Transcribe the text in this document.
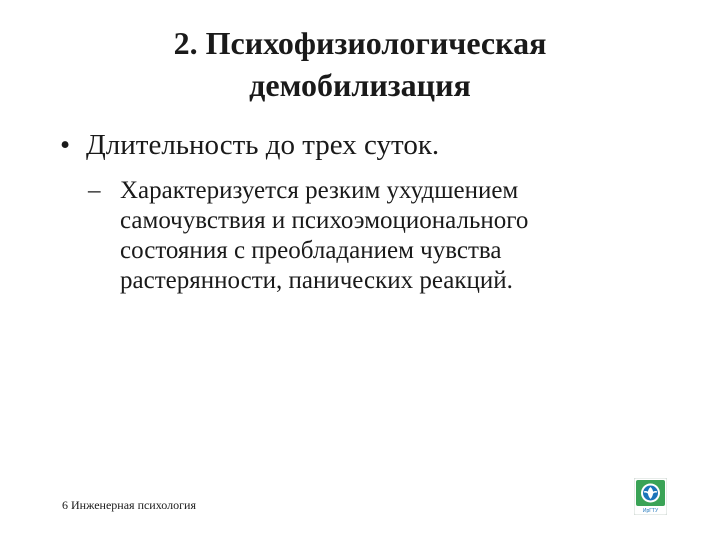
2. Психофизиологическая
демобилизация
• Длительность до трех суток.
– Характеризуется резким ухудшением
самочувствия и психоэмоционального
состояния с преобладанием чувства
растерянности, панических реакций.
6 Инженерная психология	ИрГТУ
